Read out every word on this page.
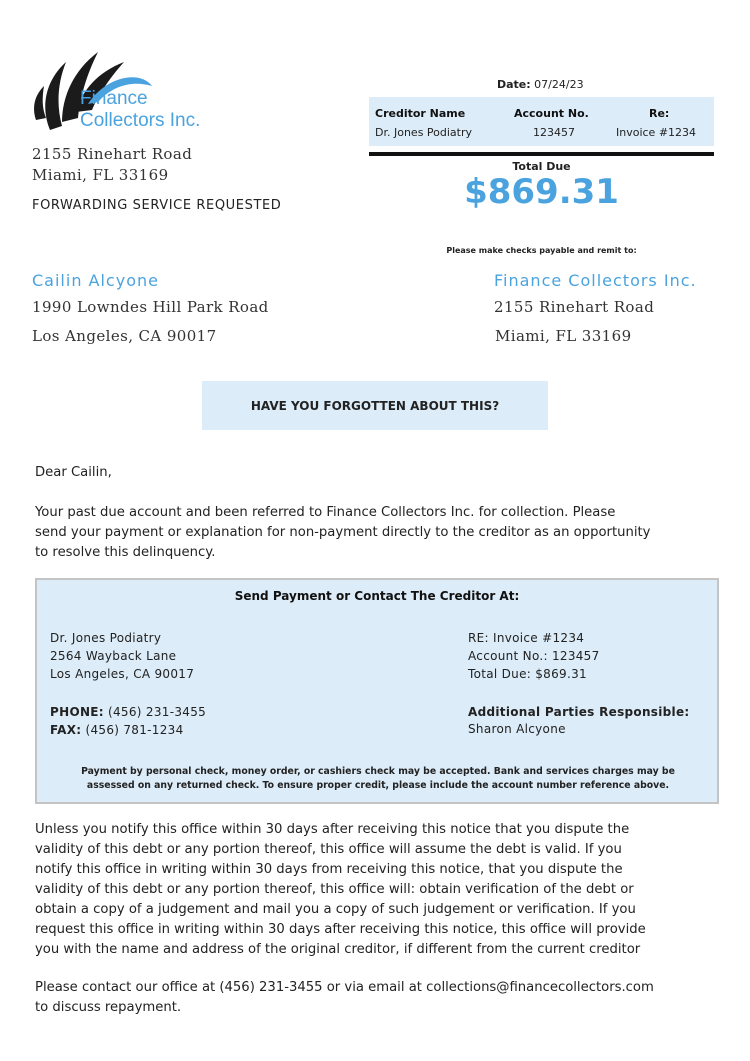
Finance
Collectors Inc.
2155 Rinehart Road
Miami, FL 33169
FORWARDING SERVICE REQUESTED
Date: 07/24/23
Creditor Name	Account No.	Re:
Dr. Jones Podiatry	123457	Invoice #1234
Total Due
$869.31
Please make checks payable and remit to:
Cailin Alcyone
1990 Lowndes Hill Park Road
Los Angeles, CA 90017
Finance Collectors Inc.
2155 Rinehart Road
Miami, FL 33169
HAVE YOU FORGOTTEN ABOUT THIS?
Dear Cailin,
Your past due account and been referred to Finance Collectors Inc. for collection. Please
send your payment or explanation for non-payment directly to the creditor as an opportunity
to resolve this delinquency.
Send Payment or Contact The Creditor At:
Dr. Jones Podiatry
2564 Wayback Lane
Los Angeles, CA 90017
PHONE: (456) 231-3455
FAX: (456) 781-1234
RE: Invoice #1234
Account No.: 123457
Total Due: $869.31
Additional Parties Responsible:
Sharon Alcyone
Payment by personal check, money order, or cashiers check may be accepted. Bank and services charges may be
assessed on any returned check. To ensure proper credit, please include the account number reference above.
Unless you notify this office within 30 days after receiving this notice that you dispute the
validity of this debt or any portion thereof, this office will assume the debt is valid. If you
notify this office in writing within 30 days from receiving this notice, that you dispute the
validity of this debt or any portion thereof, this office will: obtain verification of the debt or
obtain a copy of a judgement and mail you a copy of such judgement or verification. If you
request this office in writing within 30 days after receiving this notice, this office will provide
you with the name and address of the original creditor, if different from the current creditor
Please contact our office at (456) 231-3455 or via email at collections@financecollectors.com
to discuss repayment.
